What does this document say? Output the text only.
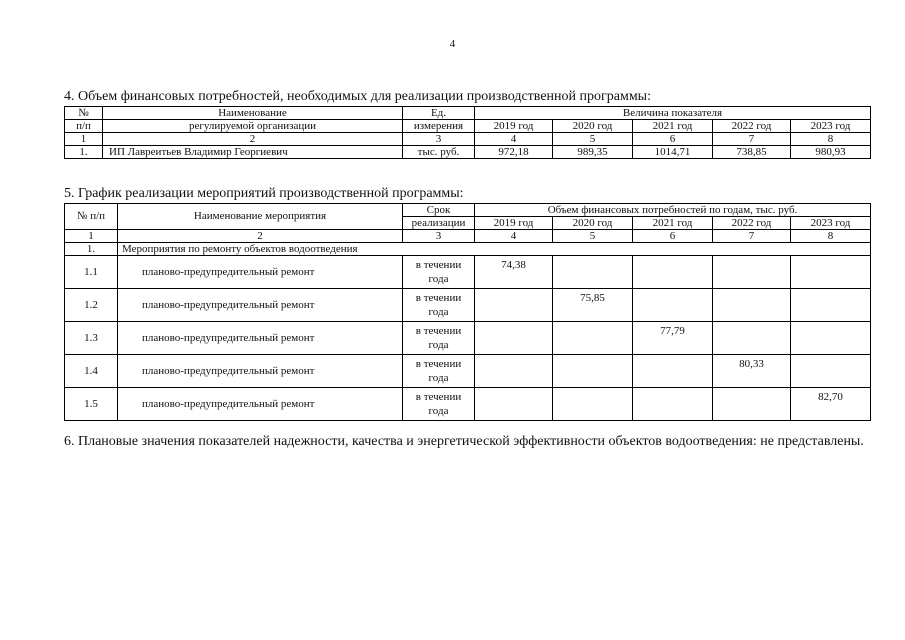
4
4. Объем финансовых потребностей, необходимых для реализации производственной программы:
№	Наименование	Ед.	Величина показателя				
п/п	регулируемой организации	измерения	2019 год	2020 год	2021 год	2022 год	2023 год
1	2	3	4	5	6	7	8
1.	ИП Лавреитьев Владимир Георгиевич	тыс. руб.	972,18	989,35	1014,71	738,85	980,93
5. График реализации мероприятий производственной программы:
№ п/п	Наименование мероприятия	Срок	Объем финансовых потребностей по годам, тыс. руб.				
		реализации	2019 год	2020 год	2021 год	2022 год	2023 год
1	2	3	4	5	6	7	8
1.	Мероприятия по ремонту объектов водоотведения						
1.1	планово-предупредительный ремонт	в течении года	74,38				
1.2	планово-предупредительный ремонт	в течении года		75,85			
1.3	планово-предупредительный ремонт	в течении года			77,79		
1.4	планово-предупредительный ремонт	в течении года				80,33	
1.5	планово-предупредительный ремонт	в течении года					82,70
6. Плановые значения показателей надежности, качества и энергетической эффективности объектов водоотведения: не представлены.
